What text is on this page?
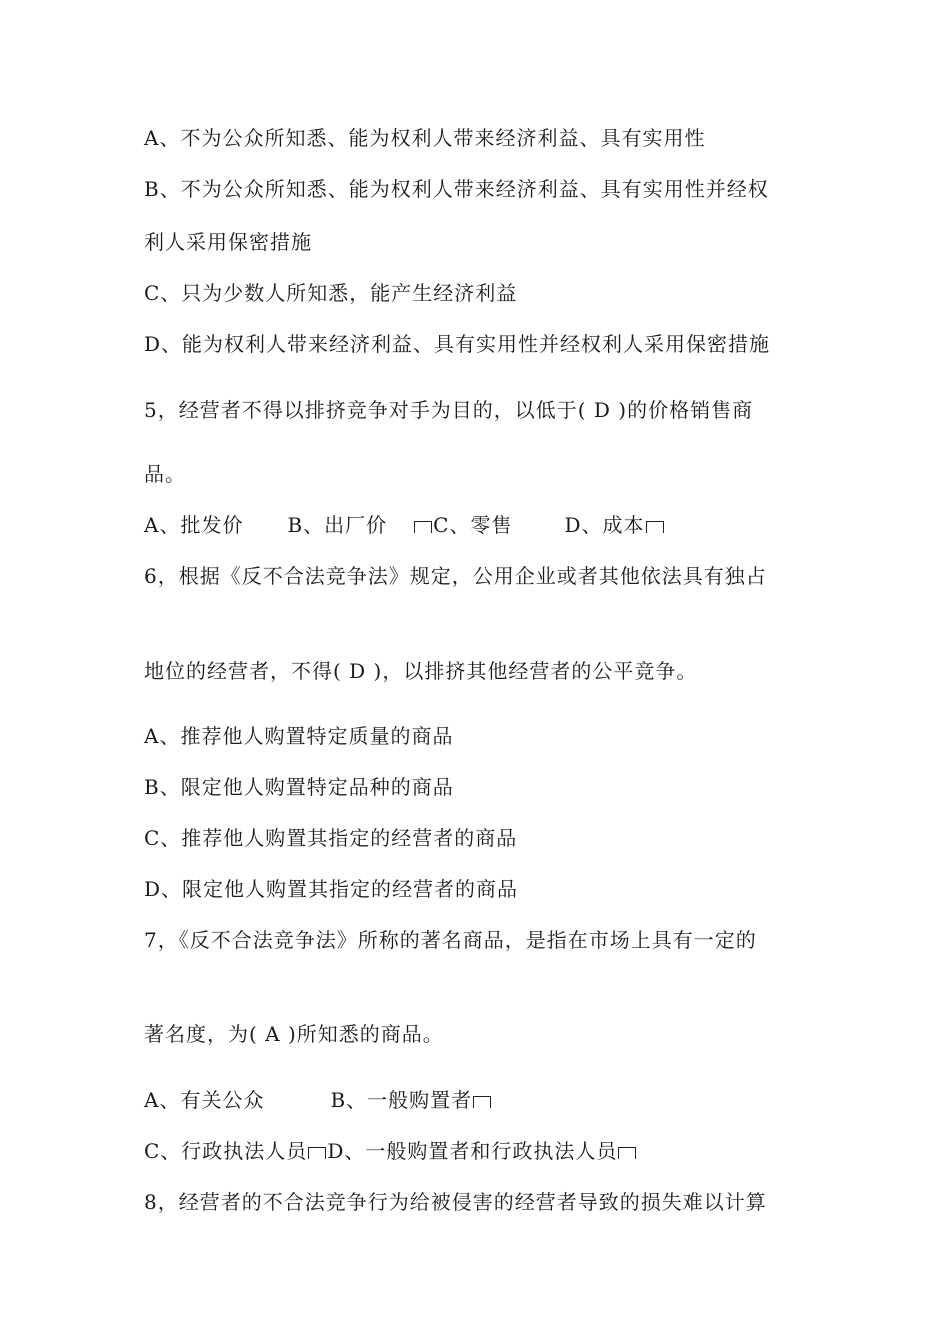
A、不为公众所知悉、能为权利人带来经济利益、具有实用性
B、不为公众所知悉、能为权利人带来经济利益、具有实用性并经权
利人采用保密措施
C、只为少数人所知悉，能产生经济利益
D、能为权利人带来经济利益、具有实用性并经权利人采用保密措施
5，经营者不得以排挤竞争对手为目的，以低于( D )的价格销售商
品。
A、批发价 B、出厂价 C、零售	D、成本
6，根据《反不合法竞争法》规定，公用企业或者其他依法具有独占
地位的经营者，不得( D )，以排挤其他经营者的公平竞争。
A、推荐他人购置特定质量的商品
B、限定他人购置特定品种的商品
C、推荐他人购置其指定的经营者的商品
D、限定他人购置其指定的经营者的商品
7，《反不合法竞争法》所称的著名商品，是指在市场上具有一定的
著名度，为( A )所知悉的商品。
A、有关公众	B、一般购置者
C、行政执法人员 D、一般购置者和行政执法人员
8，经营者的不合法竞争行为给被侵害的经营者导致的损失难以计算
